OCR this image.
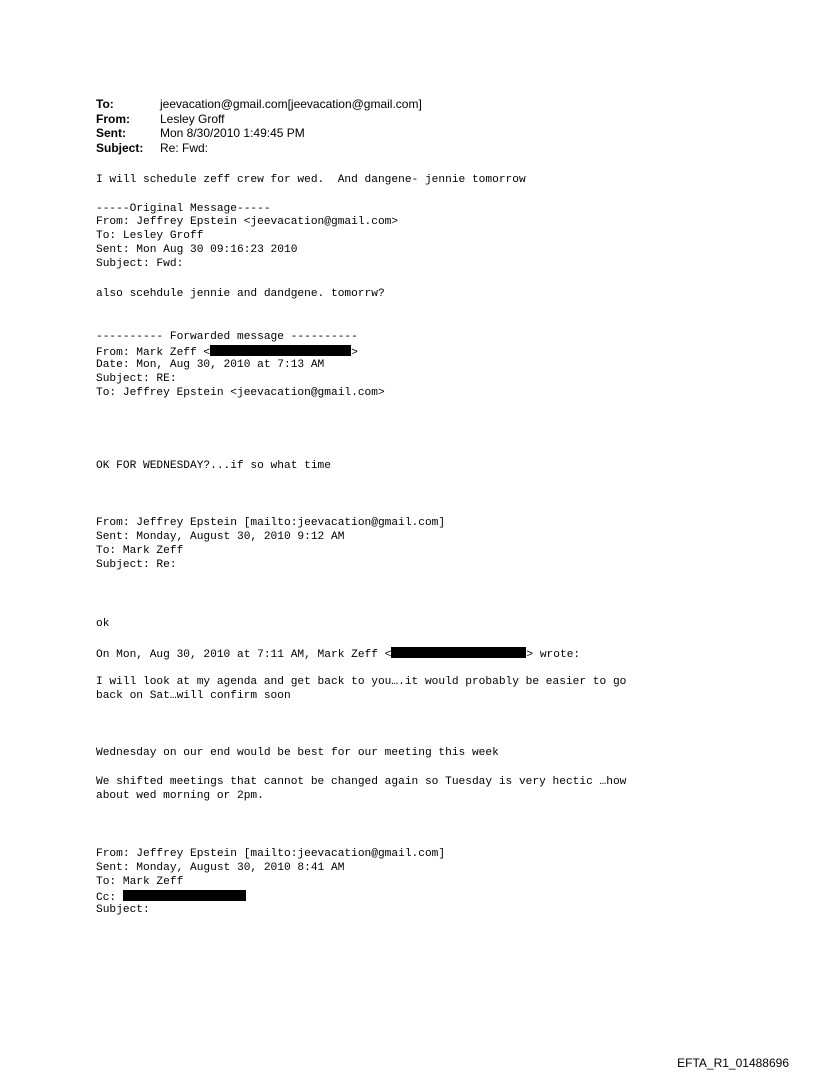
To:	jeevacation@gmail.com[jeevacation@gmail.com]
From:	Lesley Groff
Sent:	Mon 8/30/2010 1:49:45 PM
Subject:	Re: Fwd:
I will schedule zeff crew for wed.  And dangene- jennie tomorrow
-----Original Message-----
From: Jeffrey Epstein <jeevacation@gmail.com>
To: Lesley Groff
Sent: Mon Aug 30 09:16:23 2010
Subject: Fwd:
also scehdule jennie and dandgene. tomorrw?
---------- Forwarded message ----------
From: Mark Zeff <	>
Date: Mon, Aug 30, 2010 at 7:13 AM
Subject: RE:
To: Jeffrey Epstein <jeevacation@gmail.com>
OK FOR WEDNESDAY?...if so what time
From: Jeffrey Epstein [mailto:jeevacation@gmail.com]
Sent: Monday, August 30, 2010 9:12 AM
To: Mark Zeff
Subject: Re:
ok
On Mon, Aug 30, 2010 at 7:11 AM, Mark Zeff <	> wrote:
I will look at my agenda and get back to you….it would probably be easier to go
back on Sat…will confirm soon
Wednesday on our end would be best for our meeting this week
We shifted meetings that cannot be changed again so Tuesday is very hectic …how
about wed morning or 2pm.
From: Jeffrey Epstein [mailto:jeevacation@gmail.com]
Sent: Monday, August 30, 2010 8:41 AM
To: Mark Zeff
Cc:
Subject:
EFTA_R1_01488696
